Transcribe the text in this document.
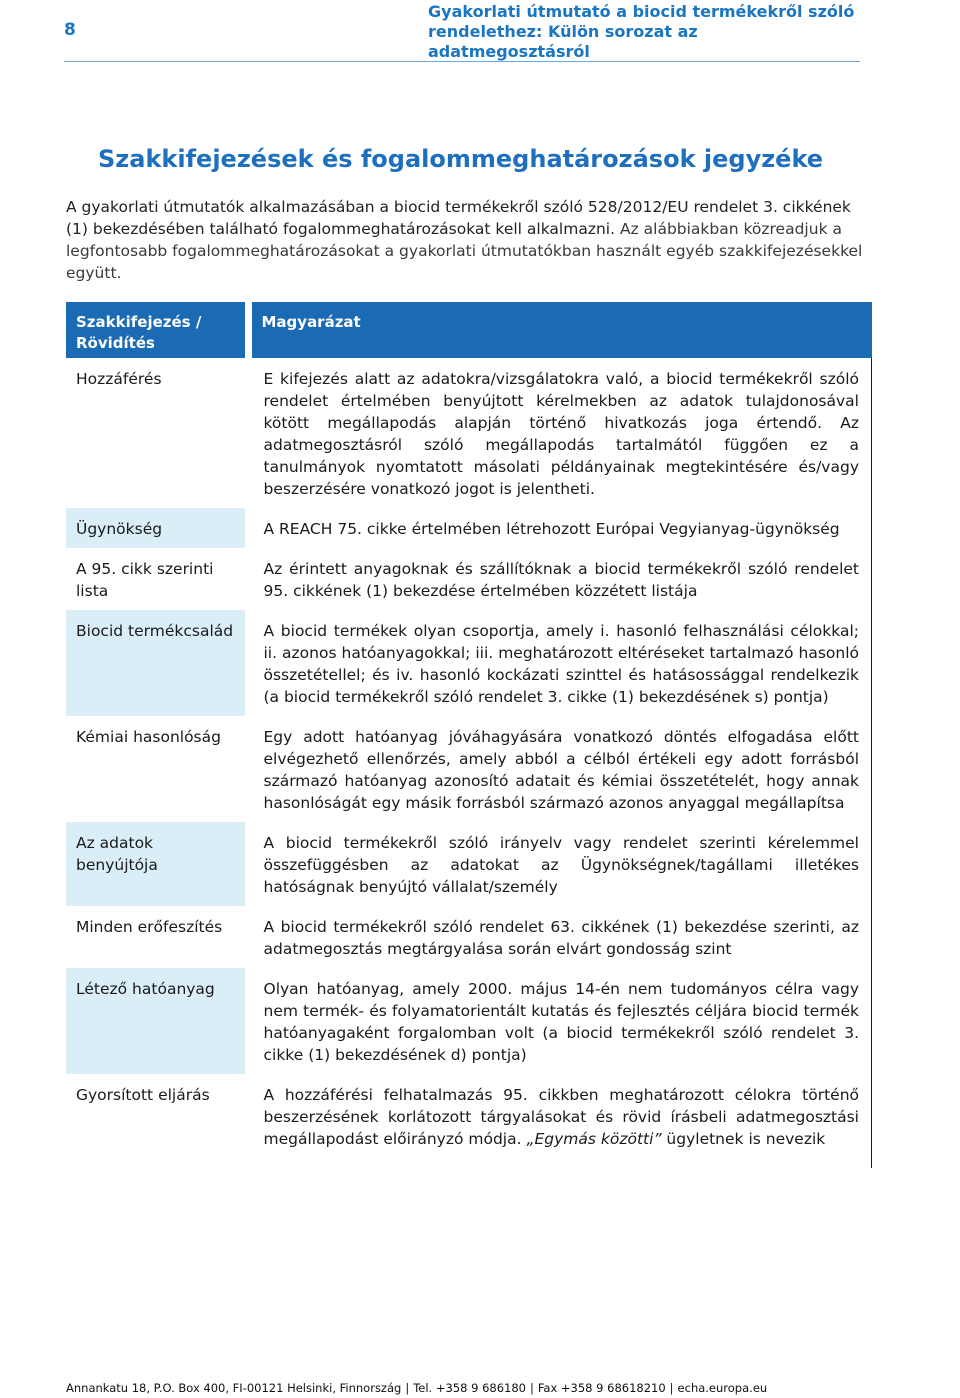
8
Gyakorlati útmutató a biocid termékekről szóló
rendelethez: Külön sorozat az adatmegosztásról
Szakkifejezések és fogalommeghatározások jegyzéke

A gyakorlati útmutatók alkalmazásában a biocid termékekről szóló 528/2012/EU rendelet 3. cikkének (1) bekezdésében található fogalommeghatározásokat kell alkalmazni. Az alábbiakban közreadjuk a legfontosabb fogalommeghatározásokat a gyakorlati útmutatókban használt egyéb szakkifejezésekkel együtt.

Szakkifejezés / Rövidítés	Magyarázat
Hozzáférés	E kifejezés alatt az adatokra/vizsgálatokra való, a biocid termékekről szóló rendelet értelmében benyújtott kérelmekben az adatok tulajdonosával kötött megállapodás alapján történő hivatkozás joga értendő. Az adatmegosztásról szóló megállapodás tartalmától függően ez a tanulmányok nyomtatott másolati példányainak megtekintésére és/vagy beszerzésére vonatkozó jogot is jelentheti.
Ügynökség	A REACH 75. cikke értelmében létrehozott Európai Vegyianyag-ügynökség
A 95. cikk szerinti lista	Az érintett anyagoknak és szállítóknak a biocid termékekről szóló rendelet 95. cikkének (1) bekezdése értelmében közzétett listája
Biocid termékcsalád	A biocid termékek olyan csoportja, amely i. hasonló felhasználási célokkal; ii. azonos hatóanyagokkal; iii. meghatározott eltéréseket tartalmazó hasonló összetétellel; és iv. hasonló kockázati szinttel és hatásossággal rendelkezik (a biocid termékekről szóló rendelet 3. cikke (1) bekezdésének s) pontja)
Kémiai hasonlóság	Egy adott hatóanyag jóváhagyására vonatkozó döntés elfogadása előtt elvégezhető ellenőrzés, amely abból a célból értékeli egy adott forrásból származó hatóanyag azonosító adatait és kémiai összetételét, hogy annak hasonlóságát egy másik forrásból származó azonos anyaggal megállapítsa
Az adatok benyújtója	A biocid termékekről szóló irányelv vagy rendelet szerinti kérelemmel összefüggésben az adatokat az Ügynökségnek/tagállami illetékes hatóságnak benyújtó vállalat/személy
Minden erőfeszítés	A biocid termékekről szóló rendelet 63. cikkének (1) bekezdése szerinti, az adatmegosztás megtárgyalása során elvárt gondosság szint
Létező hatóanyag	Olyan hatóanyag, amely 2000. május 14-én nem tudományos célra vagy nem termék- és folyamatorientált kutatás és fejlesztés céljára biocid termék hatóanyagaként forgalomban volt (a biocid termékekről szóló rendelet 3. cikke (1) bekezdésének d) pontja)
Gyorsított eljárás	A hozzáférési felhatalmazás 95. cikkben meghatározott célokra történő beszerzésének korlátozott tárgyalásokat és rövid írásbeli adatmegosztási megállapodást előirányzó módja. „Egymás közötti” ügyletnek is nevezik
Annankatu 18, P.O. Box 400, FI-00121 Helsinki, Finnország | Tel. +358 9 686180 | Fax +358 9 68618210 | echa.europa.eu
